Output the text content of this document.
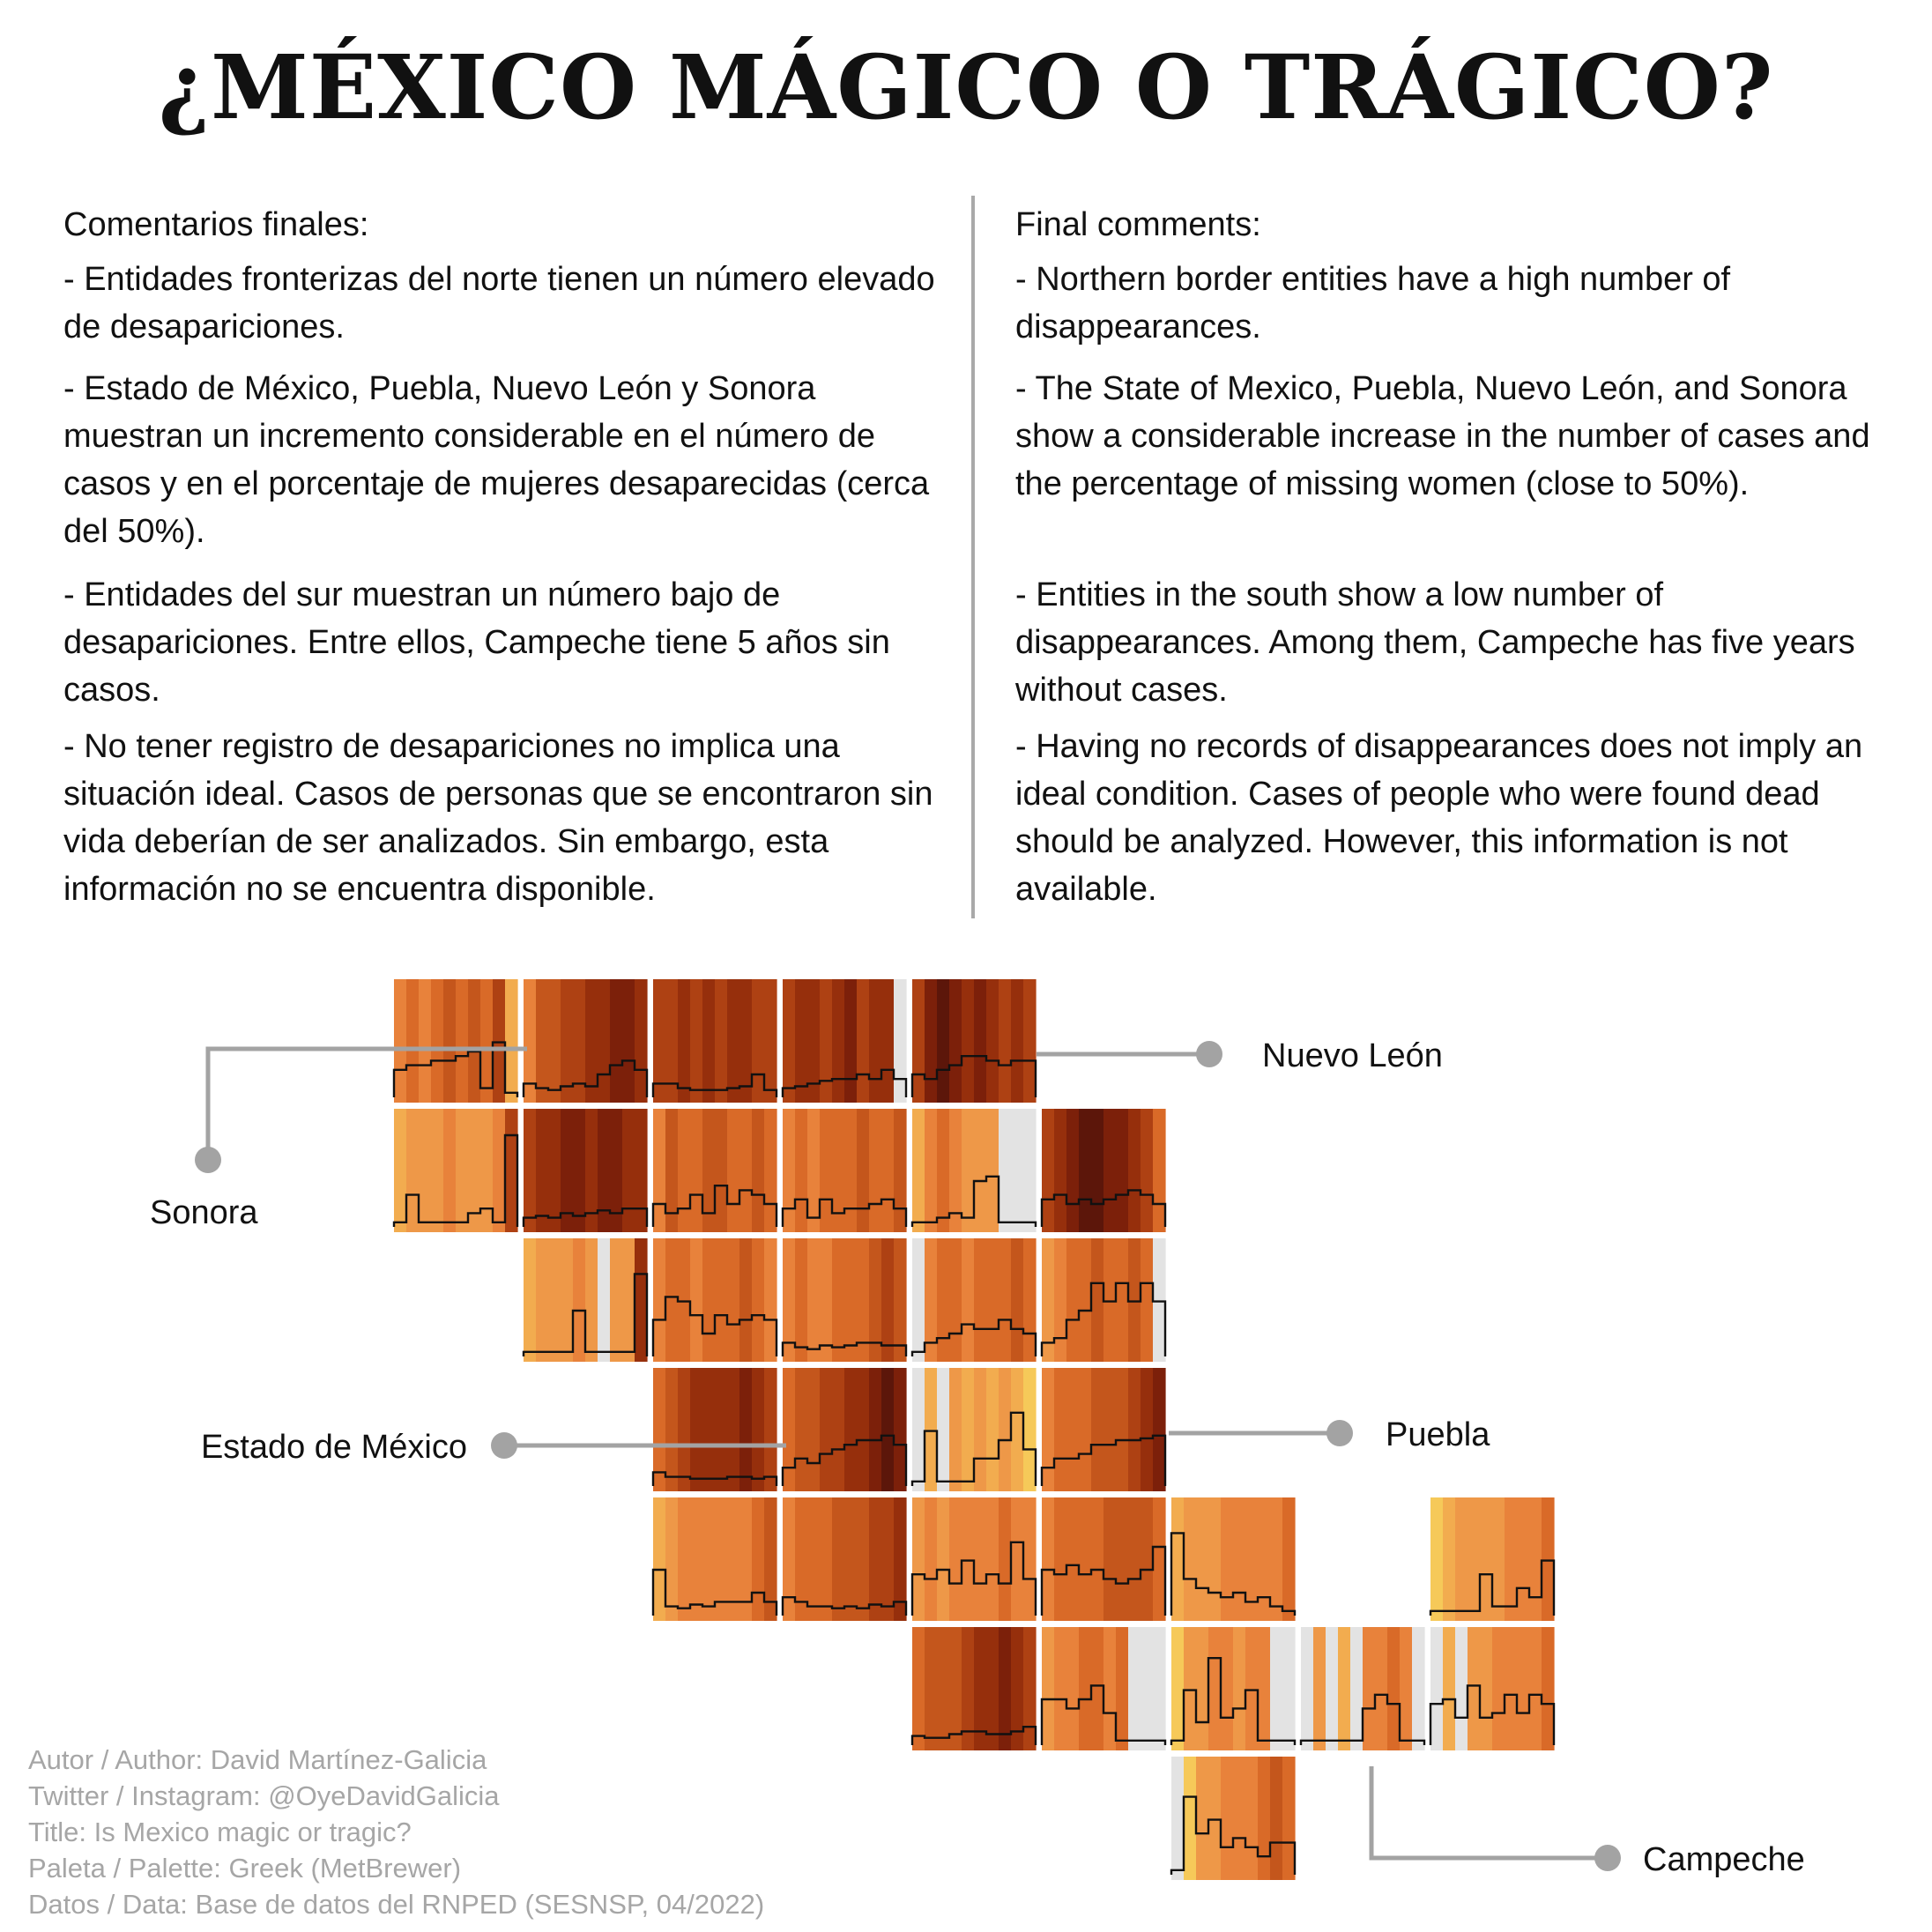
¿MÉXICO MÁGICO O TRÁGICO?

Comentarios finales:

- Entidades fronterizas del norte tienen un número elevado de desapariciones.

- Estado de México, Puebla, Nuevo León y Sonora muestran un incremento considerable en el número de casos y en el porcentaje de mujeres desaparecidas (cerca del 50%).

- Entidades del sur muestran un número bajo de desapariciones. Entre ellos, Campeche tiene 5 años sin casos.

- No tener registro de desapariciones no implica una situación ideal. Casos de personas que se encontraron sin vida deberían de ser analizados. Sin embargo, esta información no se encuentra disponible.

Final comments:

- Northern border entities have a high number of disappearances.

- The State of Mexico, Puebla, Nuevo León, and Sonora show a considerable increase in the number of cases and the percentage of missing women (close to 50%).

- Entities in the south show a low number of disappearances. Among them, Campeche has five years without cases.

- Having no records of disappearances does not imply an ideal condition. Cases of people who were found dead should be analyzed. However, this information is not available.

Sonora
Nuevo León
Estado de México	Puebla
Campeche
Autor / Author: David Martínez-Galicia
Twitter / Instagram: @OyeDavidGalicia
Title: Is Mexico magic or tragic?
Paleta / Palette: Greek (MetBrewer)
Datos / Data: Base de datos del RNPED (SESNSP, 04/2022)
